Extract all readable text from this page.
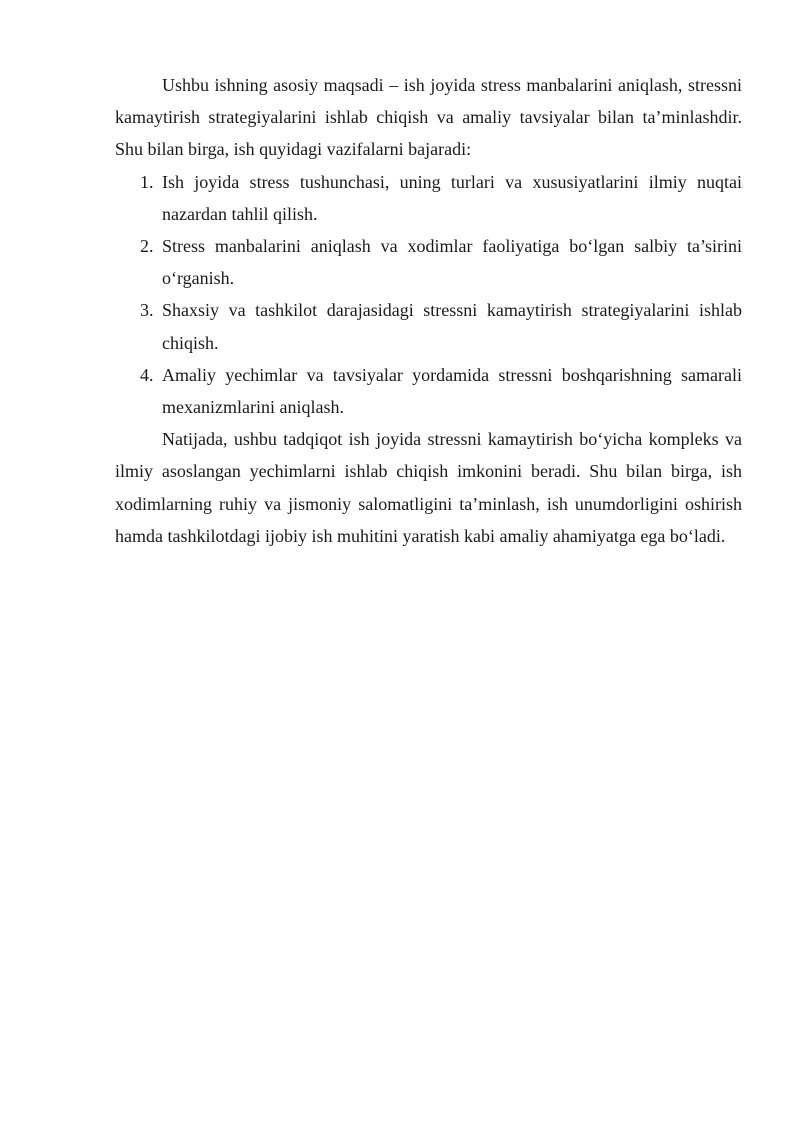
Ushbu ishning asosiy maqsadi – ish joyida stress manbalarini aniqlash, stressni kamaytirish strategiyalarini ishlab chiqish va amaliy tavsiyalar bilan ta’minlashdir. Shu bilan birga, ish quyidagi vazifalarni bajaradi:

1. Ish joyida stress tushunchasi, uning turlari va xususiyatlarini ilmiy nuqtai nazardan tahlil qilish.
2. Stress manbalarini aniqlash va xodimlar faoliyatiga bo‘lgan salbiy ta’sirini o‘rganish.
3. Shaxsiy va tashkilot darajasidagi stressni kamaytirish strategiyalarini ishlab chiqish.
4. Amaliy yechimlar va tavsiyalar yordamida stressni boshqarishning samarali mexanizmlarini aniqlash.

Natijada, ushbu tadqiqot ish joyida stressni kamaytirish bo‘yicha kompleks va ilmiy asoslangan yechimlarni ishlab chiqish imkonini beradi. Shu bilan birga, ish xodimlarning ruhiy va jismoniy salomatligini ta’minlash, ish unumdorligini oshirish hamda tashkilotdagi ijobiy ish muhitini yaratish kabi amaliy ahamiyatga ega bo‘ladi.
